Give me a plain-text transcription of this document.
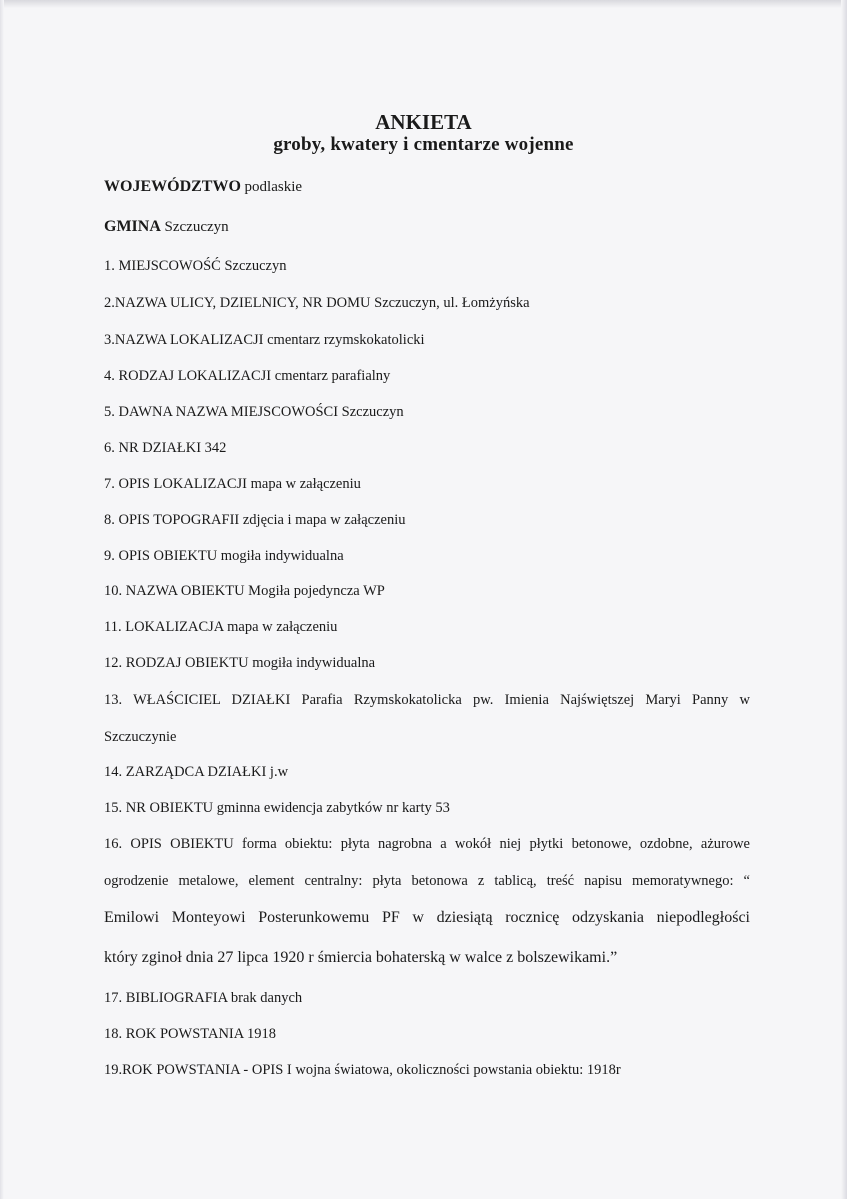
ANKIETA
groby, kwatery i cmentarze wojenne
WOJEWÓDZTWO podlaskie
GMINA Szczuczyn
1. MIEJSCOWOŚĆ Szczuczyn
2.NAZWA ULICY, DZIELNICY, NR DOMU Szczuczyn, ul. Łomżyńska
3.NAZWA LOKALIZACJI cmentarz rzymskokatolicki
4. RODZAJ LOKALIZACJI cmentarz parafialny
5. DAWNA NAZWA MIEJSCOWOŚCI Szczuczyn
6. NR DZIAŁKI 342
7. OPIS LOKALIZACJI mapa w załączeniu
8. OPIS TOPOGRAFII zdjęcia i mapa w załączeniu
9. OPIS OBIEKTU mogiła indywidualna
10. NAZWA OBIEKTU Mogiła pojedyncza WP
11. LOKALIZACJA mapa w załączeniu
12. RODZAJ OBIEKTU mogiła indywidualna
13. WŁAŚCICIEL DZIAŁKI Parafia Rzymskokatolicka pw. Imienia Najświętszej Maryi Panny w
Szczuczynie
14. ZARZĄDCA DZIAŁKI j.w
15. NR OBIEKTU gminna ewidencja zabytków nr karty 53
16. OPIS OBIEKTU forma obiektu: płyta nagrobna a wokół niej płytki betonowe, ozdobne, ażurowe
ogrodzenie metalowe, element centralny: płyta betonowa z tablicą, treść napisu memoratywnego: “
Emilowi Monteyowi Posterunkowemu PF w dziesiątą rocznicę odzyskania niepodległości
który zginoł dnia 27 lipca 1920 r śmiercia bohaterską w walce z bolszewikami.”
17. BIBLIOGRAFIA brak danych
18. ROK POWSTANIA 1918
19.ROK POWSTANIA - OPIS I wojna światowa, okoliczności powstania obiektu: 1918r
